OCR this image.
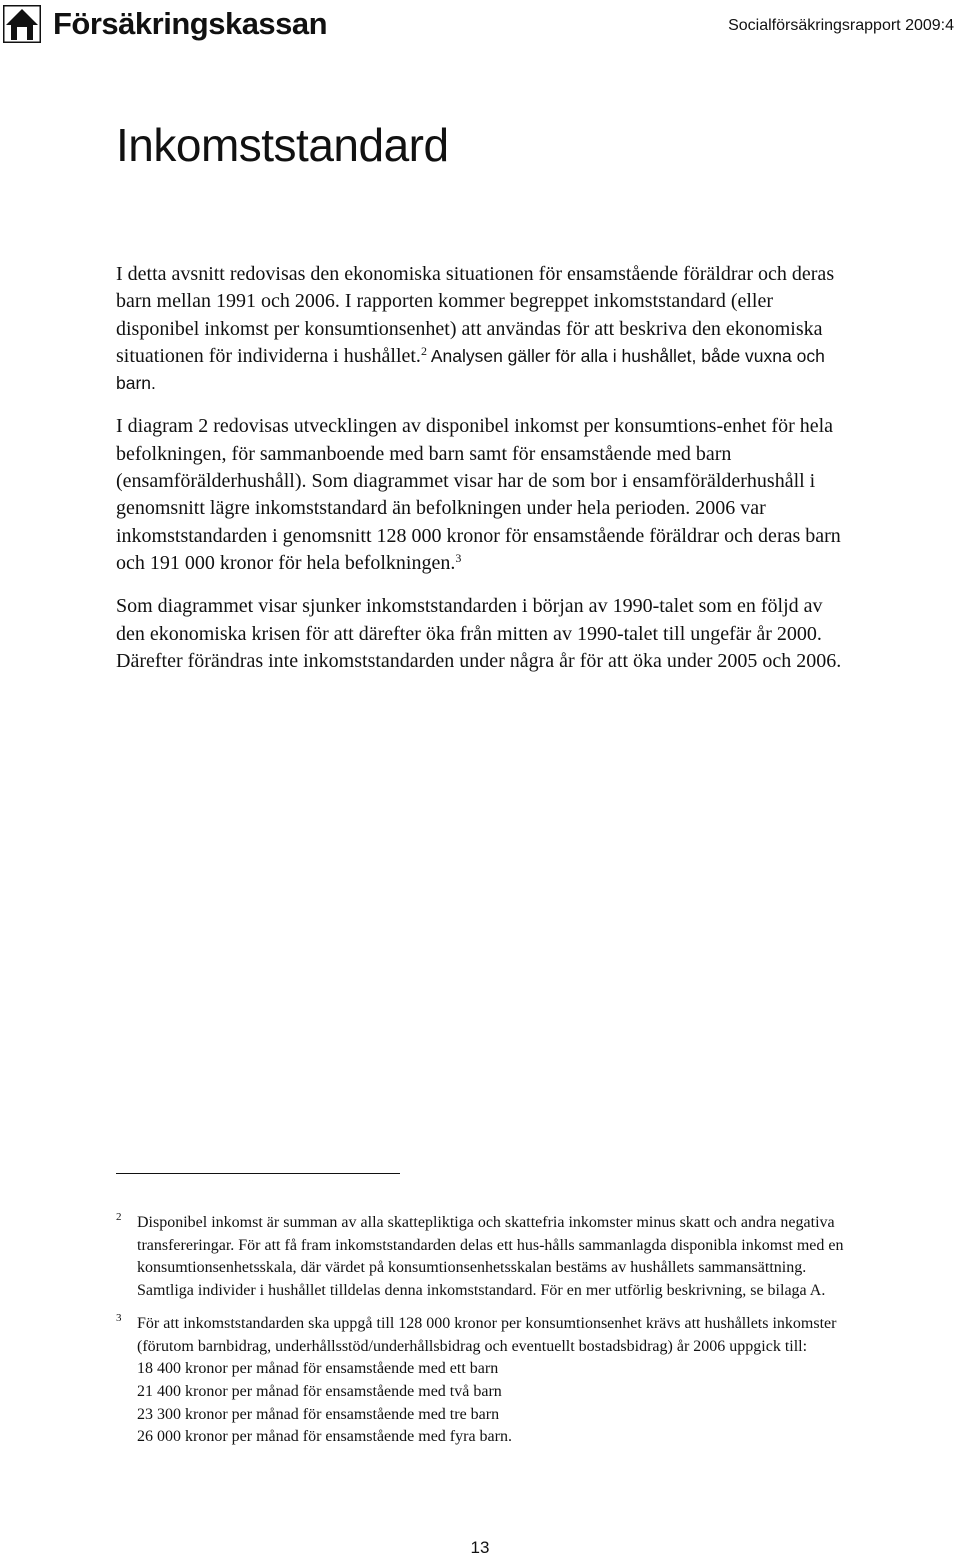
Försäkringskassan	Socialförsäkringsrapport 2009:4
Inkomststandard

I detta avsnitt redovisas den ekonomiska situationen för ensamstående föräldrar och deras barn mellan 1991 och 2006. I rapporten kommer begreppet inkomststandard (eller disponibel inkomst per konsumtionsenhet) att användas för att beskriva den ekonomiska situationen för individerna i hushållet.$^2$ Analysen gäller för alla i hushållet, både vuxna och barn.

I diagram 2 redovisas utvecklingen av disponibel inkomst per konsumtions-enhet för hela befolkningen, för sammanboende med barn samt för ensamstående med barn (ensamförälderhushåll). Som diagrammet visar har de som bor i ensamförälderhushåll i genomsnitt lägre inkomststandard än befolkningen under hela perioden. 2006 var inkomststandarden i genomsnitt 128 000 kronor för ensamstående föräldrar och deras barn och 191 000 kronor för hela befolkningen.$^3$

Som diagrammet visar sjunker inkomststandarden i början av 1990-talet som en följd av den ekonomiska krisen för att därefter öka från mitten av 1990-talet till ungefär år 2000. Därefter förändras inte inkomststandarden under några år för att öka under 2005 och 2006.

2 Disponibel inkomst är summan av alla skattepliktiga och skattefria inkomster minus skatt och andra negativa transfereringar. För att få fram inkomststandarden delas ett hus-hålls sammanlagda disponibla inkomst med en konsumtionsenhetsskala, där värdet på konsumtionsenhetsskalan bestäms av hushållets sammansättning. Samtliga individer i hushållet tilldelas denna inkomststandard. För en mer utförlig beskrivning, se bilaga A.
3 För att inkomststandarden ska uppgå till 128 000 kronor per konsumtionsenhet krävs att hushållets inkomster (förutom barnbidrag, underhållsstöd/underhållsbidrag och eventuellt bostadsbidrag) år 2006 uppgick till:
18 400 kronor per månad för ensamstående med ett barn
21 400 kronor per månad för ensamstående med två barn
23 300 kronor per månad för ensamstående med tre barn
26 000 kronor per månad för ensamstående med fyra barn.
13
